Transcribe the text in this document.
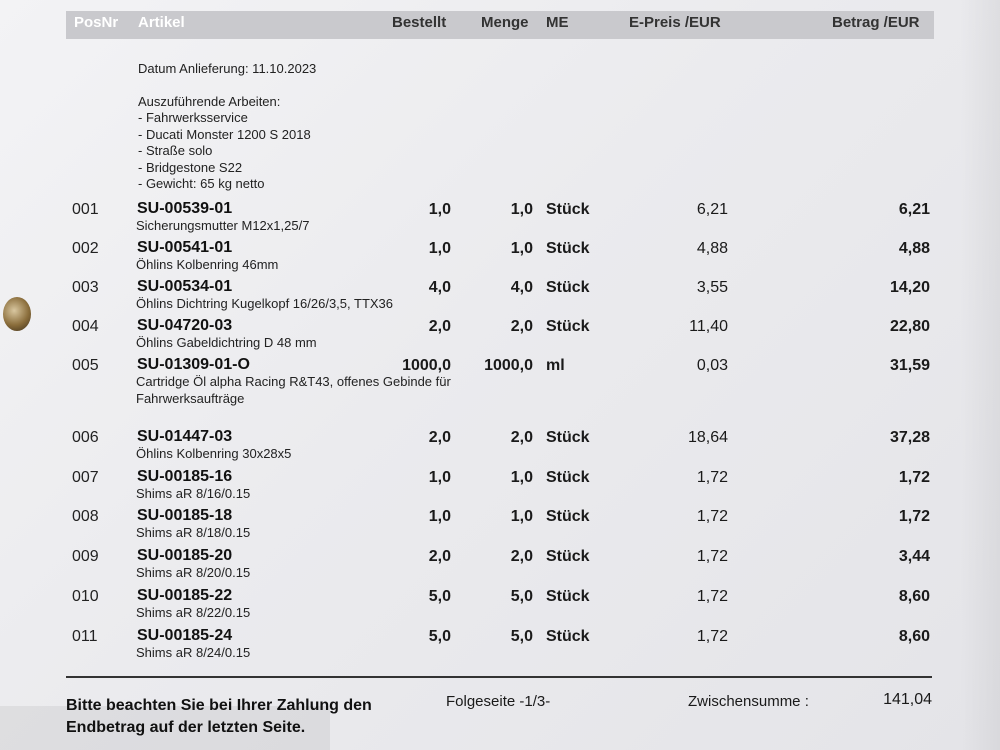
PosNr Artikel	Bestellt Menge ME	E-Preis /EUR	Betrag /EUR
Datum Anlieferung: 11.10.2023
Auszuführende Arbeiten:
- Fahrwerksservice
- Ducati Monster 1200 S 2018
- Straße solo
- Bridgestone S22
- Gewicht: 65 kg netto
001 SU-00539-01
Sicherungsmutter M12x1,25/7
1,0	1,0 Stück	6,21	6,21
002 SU-00541-01
Öhlins Kolbenring 46mm
1,0	1,0 Stück	4,88	4,88
003 SU-00534-01
Öhlins Dichtring Kugelkopf 16/26/3,5, TTX36
4,0	4,0 Stück	3,55	14,20
004 SU-04720-03
Öhlins Gabeldichtring D 48 mm
2,0	2,0 Stück	11,40	22,80
005 SU-01309-01-O
Cartridge Öl alpha Racing R&T43, offenes Gebinde für
Fahrwerksaufträge
1000,0 1000,0 ml	0,03	31,59
006 SU-01447-03
Öhlins Kolbenring 30x28x5
2,0	2,0 Stück	18,64	37,28
007 SU-00185-16
Shims aR 8/16/0.15
1,0	1,0 Stück	1,72	1,72
008 SU-00185-18
Shims aR 8/18/0.15
1,0	1,0 Stück	1,72	1,72
009 SU-00185-20
Shims aR 8/20/0.15
2,0	2,0 Stück	1,72	3,44
010 SU-00185-22
Shims aR 8/22/0.15
5,0	5,0 Stück	1,72	8,60
011 SU-00185-24
Shims aR 8/24/0.15
5,0	5,0 Stück	1,72	8,60
Bitte beachten Sie bei Ihrer Zahlung den
Endbetrag auf der letzten Seite.
Folgeseite -1/3-	Zwischensumme :	141,04
